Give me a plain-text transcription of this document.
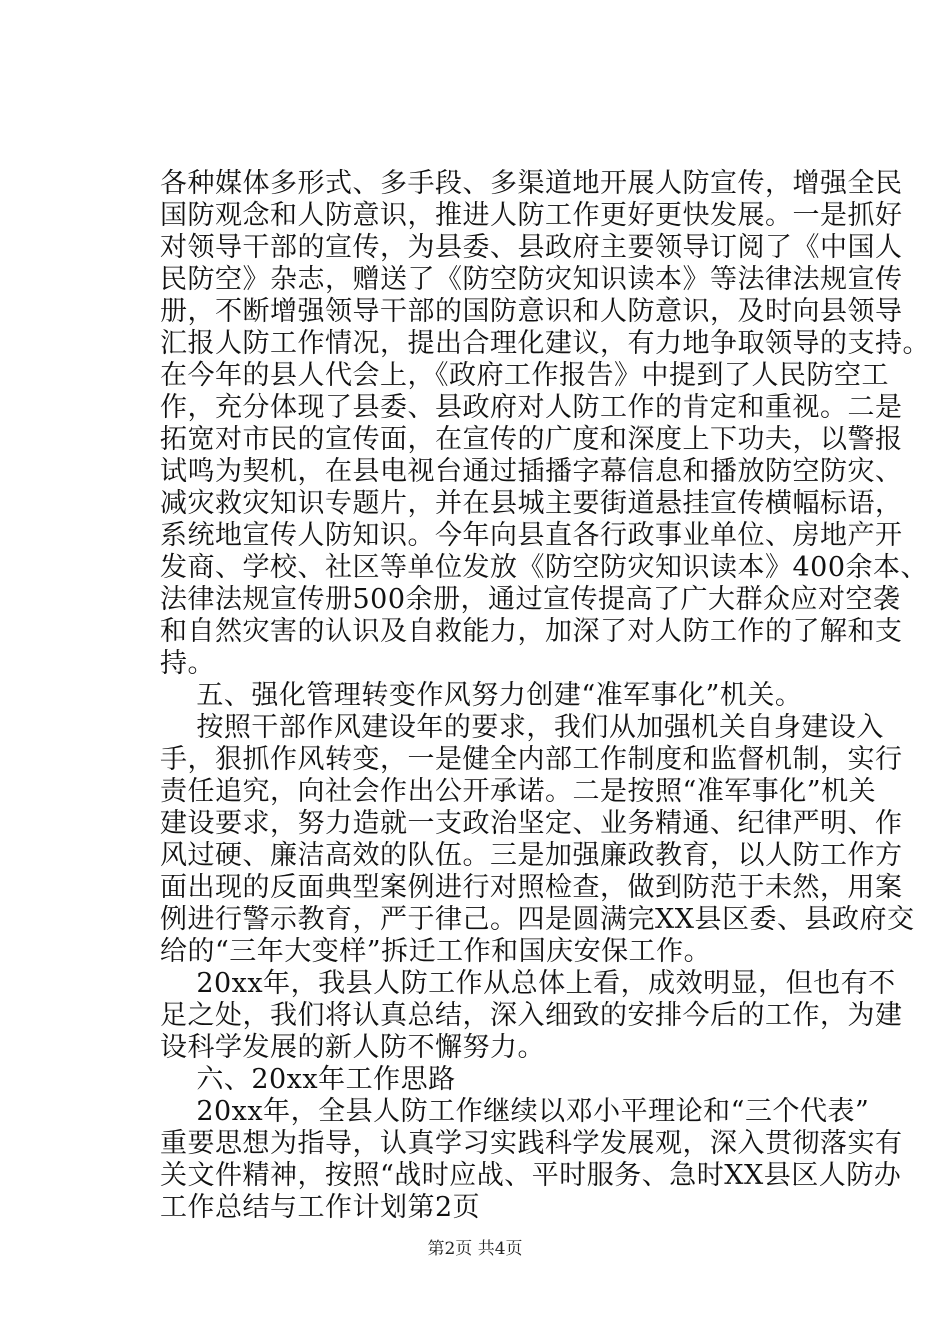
各种媒体多形式、多手段、多渠道地开展人防宣传，增强全民
国防观念和人防意识，推进人防工作更好更快发展。一是抓好
对领导干部的宣传，为县委、县政府主要领导订阅了《中国人
民防空》杂志，赠送了《防空防灾知识读本》等法律法规宣传
册，不断增强领导干部的国防意识和人防意识，及时向县领导
汇报人防工作情况，提出合理化建议，有力地争取领导的支持。
在今年的县人代会上，《政府工作报告》中提到了人民防空工
作，充分体现了县委、县政府对人防工作的肯定和重视。二是
拓宽对市民的宣传面，在宣传的广度和深度上下功夫，以警报
试鸣为契机，在县电视台通过插播字幕信息和播放防空防灾、
减灾救灾知识专题片，并在县城主要街道悬挂宣传横幅标语，
系统地宣传人防知识。今年向县直各行政事业单位、房地产开
发商、学校、社区等单位发放《防空防灾知识读本》400余本、
法律法规宣传册500余册，通过宣传提高了广大群众应对空袭
和自然灾害的认识及自救能力，加深了对人防工作的了解和支
持。
五、强化管理转变作风努力创建“准军事化”机关。
按照干部作风建设年的要求，我们从加强机关自身建设入
手，狠抓作风转变，一是健全内部工作制度和监督机制，实行
责任追究，向社会作出公开承诺。二是按照“准军事化”机关
建设要求，努力造就一支政治坚定、业务精通、纪律严明、作
风过硬、廉洁高效的队伍。三是加强廉政教育，以人防工作方
面出现的反面典型案例进行对照检查，做到防范于未然，用案
例进行警示教育，严于律己。四是圆满完XX县区委、县政府交
给的“三年大变样”拆迁工作和国庆安保工作。
20xx年，我县人防工作从总体上看，成效明显，但也有不
足之处，我们将认真总结，深入细致的安排今后的工作，为建
设科学发展的新人防不懈努力。
六、20xx年工作思路
20xx年，全县人防工作继续以邓小平理论和“三个代表”
重要思想为指导，认真学习实践科学发展观，深入贯彻落实有
关文件精神，按照“战时应战、平时服务、急时XX县区人防办
工作总结与工作计划第2页
第2页 共4页
